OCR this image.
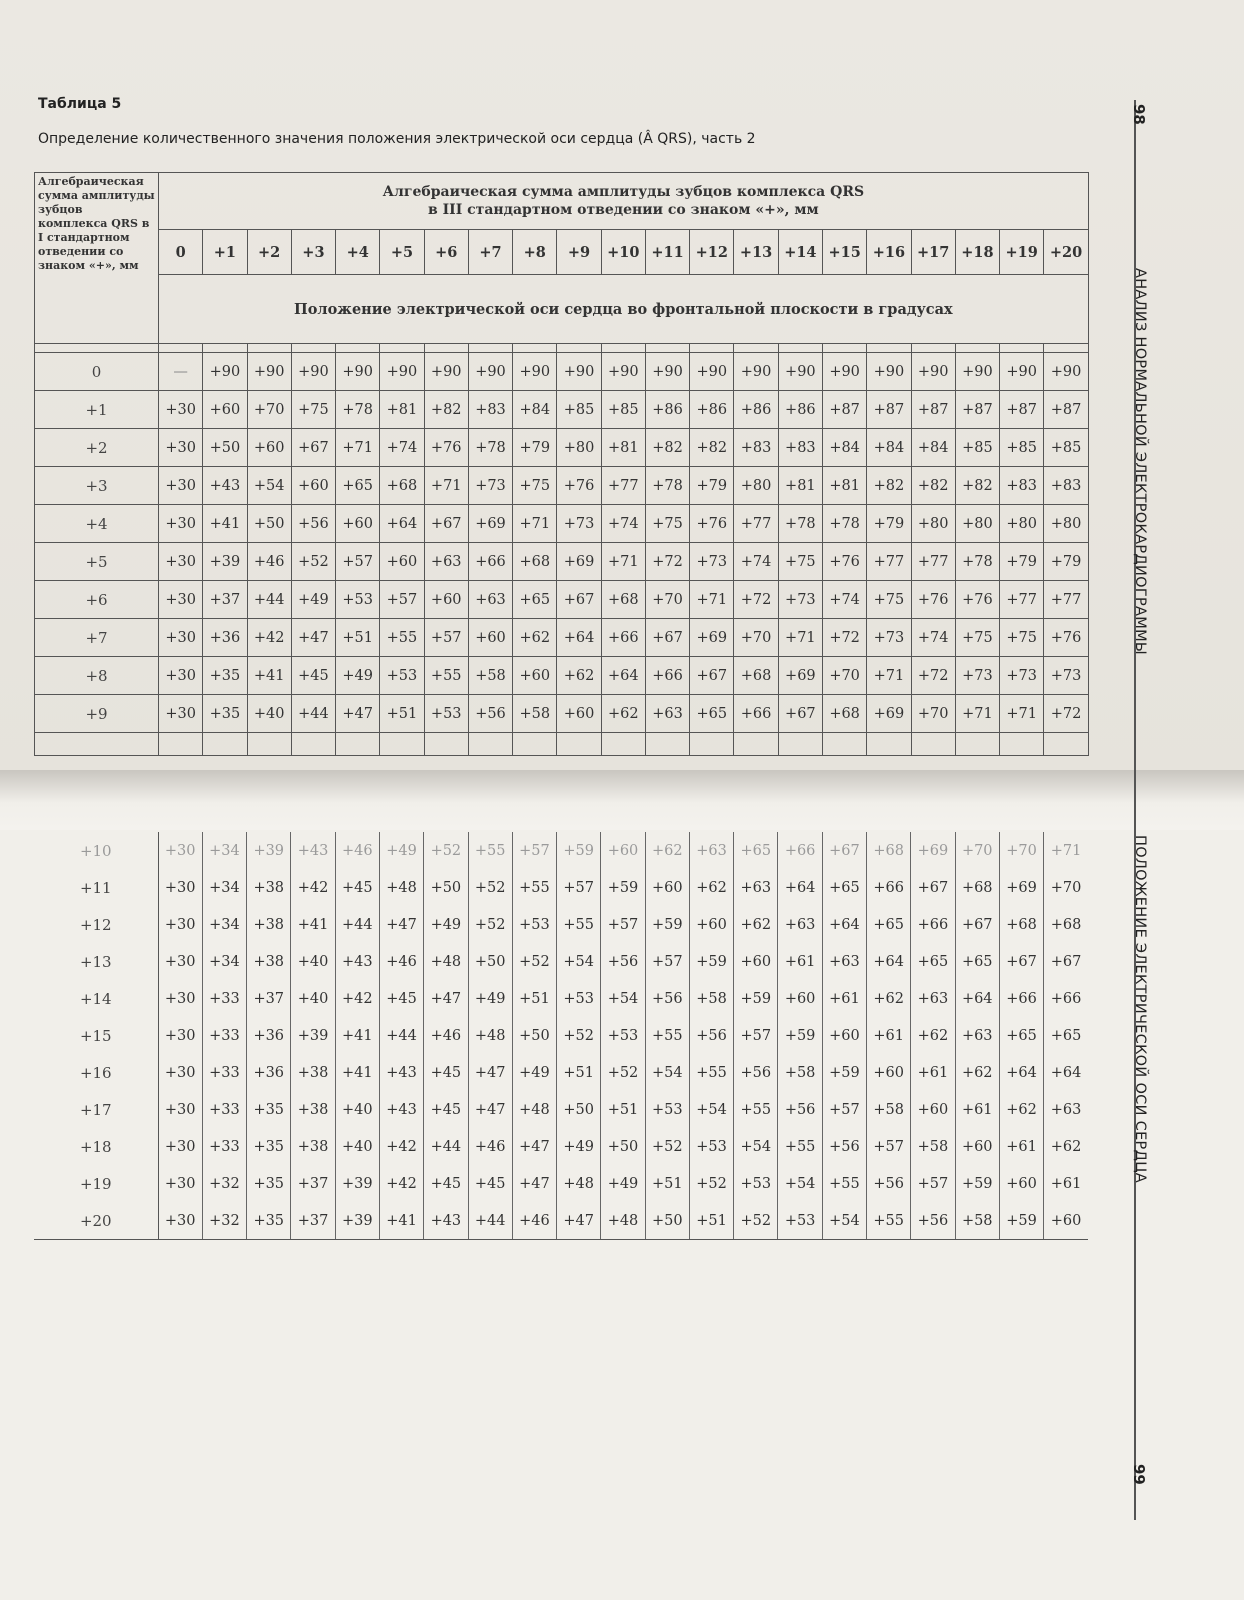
Таблица 5
Определение количественного значения положения электрической оси сердца (Â QRS), часть 2
98
АНАЛИЗ НОРМАЛЬНОЙ ЭЛЕКТРОКАРДИОГРАММЫ
ПОЛОЖЕНИЕ ЭЛЕКТРИЧЕСКОЙ ОСИ СЕРДЦА
99
Алгебраическая сумма амплитуды зубцов комплекса QRS в I стандартном отведении со знаком «+», мм	Алгебраическая сумма амплитуды зубцов комплекса QRS
в III стандартном отведении со знаком «+», мм																				

	0	+1	+2	+3	+4	+5	+6	+7	+8	+9	+10	+11	+12	+13	+14	+15	+16	+17	+18	+19	+20
	Положение электрической оси сердца во фронтальной плоскости в градусах																				

0	—	+90	+90	+90	+90	+90	+90	+90	+90	+90	+90	+90	+90	+90	+90	+90	+90	+90	+90	+90	+90
+1	+30	+60	+70	+75	+78	+81	+82	+83	+84	+85	+85	+86	+86	+86	+86	+87	+87	+87	+87	+87	+87
+2	+30	+50	+60	+67	+71	+74	+76	+78	+79	+80	+81	+82	+82	+83	+83	+84	+84	+84	+85	+85	+85
+3	+30	+43	+54	+60	+65	+68	+71	+73	+75	+76	+77	+78	+79	+80	+81	+81	+82	+82	+82	+83	+83
+4	+30	+41	+50	+56	+60	+64	+67	+69	+71	+73	+74	+75	+76	+77	+78	+78	+79	+80	+80	+80	+80
+5	+30	+39	+46	+52	+57	+60	+63	+66	+68	+69	+71	+72	+73	+74	+75	+76	+77	+77	+78	+79	+79
+6	+30	+37	+44	+49	+53	+57	+60	+63	+65	+67	+68	+70	+71	+72	+73	+74	+75	+76	+76	+77	+77
+7	+30	+36	+42	+47	+51	+55	+57	+60	+62	+64	+66	+67	+69	+70	+71	+72	+73	+74	+75	+75	+76
+8	+30	+35	+41	+45	+49	+53	+55	+58	+60	+62	+64	+66	+67	+68	+69	+70	+71	+72	+73	+73	+73
+9	+30	+35	+40	+44	+47	+51	+53	+56	+58	+60	+62	+63	+65	+66	+67	+68	+69	+70	+71	+71	+72

+10	+30	+34	+39	+43	+46	+49	+52	+55	+57	+59	+60	+62	+63	+65	+66	+67	+68	+69	+70	+70	+71
+11	+30	+34	+38	+42	+45	+48	+50	+52	+55	+57	+59	+60	+62	+63	+64	+65	+66	+67	+68	+69	+70
+12	+30	+34	+38	+41	+44	+47	+49	+52	+53	+55	+57	+59	+60	+62	+63	+64	+65	+66	+67	+68	+68
+13	+30	+34	+38	+40	+43	+46	+48	+50	+52	+54	+56	+57	+59	+60	+61	+63	+64	+65	+65	+67	+67
+14	+30	+33	+37	+40	+42	+45	+47	+49	+51	+53	+54	+56	+58	+59	+60	+61	+62	+63	+64	+66	+66
+15	+30	+33	+36	+39	+41	+44	+46	+48	+50	+52	+53	+55	+56	+57	+59	+60	+61	+62	+63	+65	+65
+16	+30	+33	+36	+38	+41	+43	+45	+47	+49	+51	+52	+54	+55	+56	+58	+59	+60	+61	+62	+64	+64
+17	+30	+33	+35	+38	+40	+43	+45	+47	+48	+50	+51	+53	+54	+55	+56	+57	+58	+60	+61	+62	+63
+18	+30	+33	+35	+38	+40	+42	+44	+46	+47	+49	+50	+52	+53	+54	+55	+56	+57	+58	+60	+61	+62
+19	+30	+32	+35	+37	+39	+42	+45	+45	+47	+48	+49	+51	+52	+53	+54	+55	+56	+57	+59	+60	+61
+20	+30	+32	+35	+37	+39	+41	+43	+44	+46	+47	+48	+50	+51	+52	+53	+54	+55	+56	+58	+59	+60
